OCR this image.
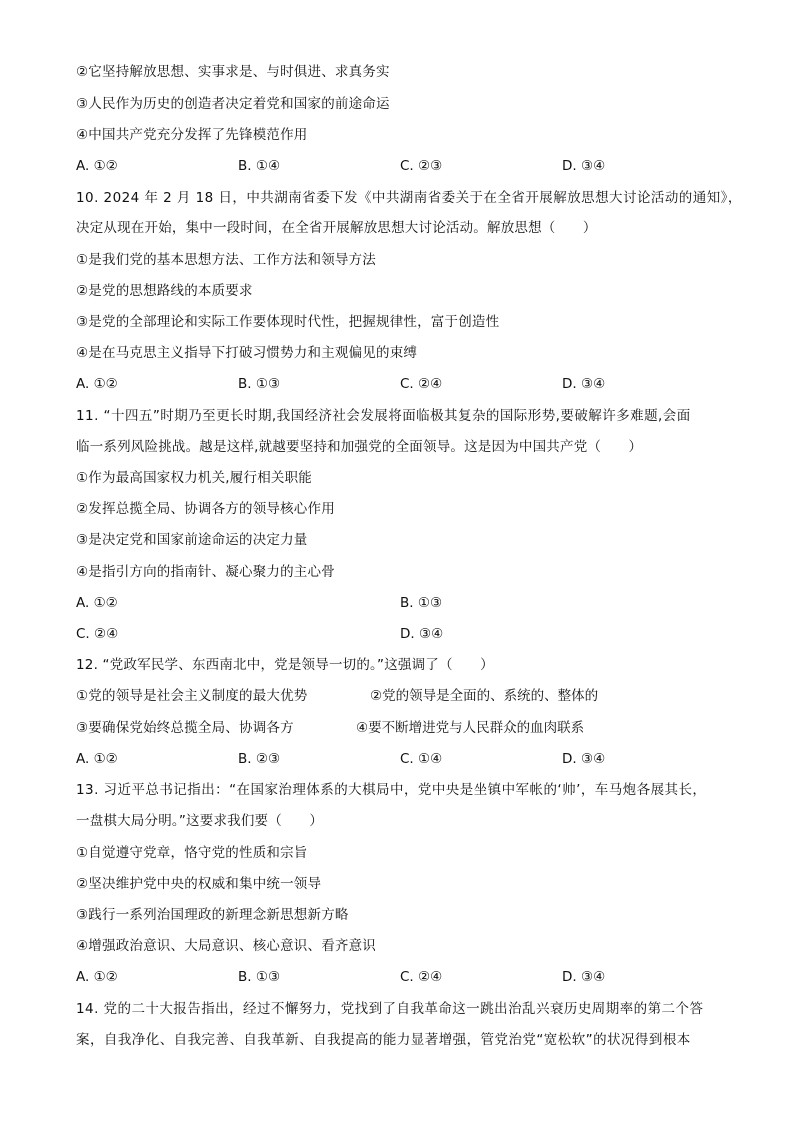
②它坚持解放思想、实事求是、与时俱进、求真务实
③人民作为历史的创造者决定着党和国家的前途命运
④中国共产党充分发挥了先锋模范作用
A. ①②	B. ①④	C. ②③	D. ③④
10. 2024 年 2 月 18 日，中共湖南省委下发《中共湖南省委关于在全省开展解放思想大讨论活动的通知》，
决定从现在开始，集中一段时间，在全省开展解放思想大讨论活动。解放思想（　　）
①是我们党的基本思想方法、工作方法和领导方法
②是党的思想路线的本质要求
③是党的全部理论和实际工作要体现时代性，把握规律性，富于创造性
④是在马克思主义指导下打破习惯势力和主观偏见的束缚
A. ①②	B. ①③	C. ②④	D. ③④
11. “十四五”时期乃至更长时期,我国经济社会发展将面临极其复杂的国际形势,要破解许多难题,会面
临一系列风险挑战。越是这样,就越要坚持和加强党的全面领导。这是因为中国共产党（　　）
①作为最高国家权力机关,履行相关职能
②发挥总揽全局、协调各方的领导核心作用
③是决定党和国家前途命运的决定力量
④是指引方向的指南针、凝心聚力的主心骨
A. ①②	B. ①③
C. ②④	D. ③④
12. “党政军民学、东西南北中，党是领导一切的。”这强调了（　　）
①党的领导是社会主义制度的最大优势	②党的领导是全面的、系统的、整体的
③要确保党始终总揽全局、协调各方	④要不断增进党与人民群众的血肉联系
A. ①②	B. ②③	C. ①④	D. ③④
13. 习近平总书记指出：“在国家治理体系的大棋局中，党中央是坐镇中军帐的‘帅’，车马炮各展其长，
一盘棋大局分明。”这要求我们要（　　）
①自觉遵守党章，恪守党的性质和宗旨
②坚决维护党中央的权威和集中统一领导
③践行一系列治国理政的新理念新思想新方略
④增强政治意识、大局意识、核心意识、看齐意识
A. ①②	B. ①③	C. ②④	D. ③④
14. 党的二十大报告指出，经过不懈努力，党找到了自我革命这一跳出治乱兴衰历史周期率的第二个答
案，自我净化、自我完善、自我革新、自我提高的能力显著增强，管党治党“宽松软”的状况得到根本
